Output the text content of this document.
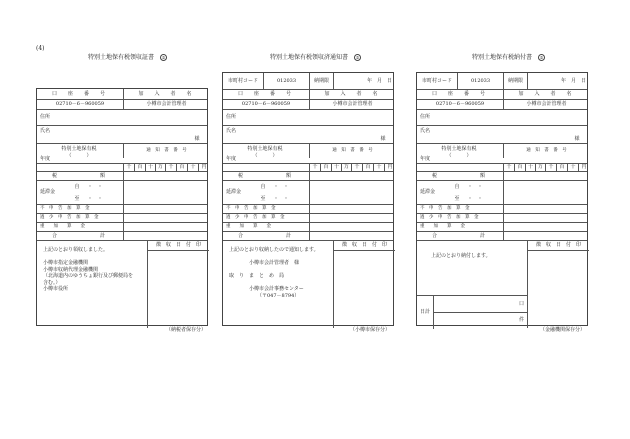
(4)
特別土地保有税領収証書 ②
口　座　番　号	加　入　者　名
02710－6－960059	小樽市会計管理者
住所
氏名
様
年度
特別土地保有税
（　　　）
通　知　書　番　号
千	百	十 万	千	百	十	円
税　　　　　額
延滞金
自	・　・
至	・　・
不　申　告　加　算　金
過　少　申　告　加　算　金
重　　加　　算　　金
合　　　　　計
徴　収　日　付　印
上記のとおり領収しました。

小樽市指定金融機関
小樽市収納代理金融機関
（北海道内のゆうちょ銀行及び郵便局を
含む。）
小樽市役所
（納税者保存分）
特別土地保有税領収済通知書 ②
市町村コード	012033	納期限	年　月　日
口　座　番　号	加　入　者　名
02710－6－960059	小樽市会計管理者
住所
氏名
様
年度
特別土地保有税
（　　　）
通　知　書　番　号
千	百	十 万	千	百	十	円
税　　　　　額
延滞金
自	・　・
至	・　・
不　申　告　加　算　金
過　少　申　告　加　算　金
重　　加　　算　　金
合　　　　　計
徴　収　日　付　印
上記のとおり収納したので通知します。

小樽市会計管理者　様

取　り　ま　と　め　局

小樽市会計事務センター
（〒047－8794）
（小樽市保存分）
特別土地保有税納付書 ②
市町村コード	012033	納期限	年　月　日
口　座　番　号	加　入　者　名
02710－6－960059	小樽市会計管理者
住所
氏名
様
年度
特別土地保有税
（　　　）
通　知　書　番　号
千	百	十 万	千	百	十	円
税　　　　　額
延滞金
自	・　・
至	・　・
不　申　告　加　算　金
過　少　申　告　加　算　金
重　　加　　算　　金
合　　　　　計
徴　収　日　付　印
上記のとおり納付します。
日計
口
件
（金融機関保存分）
